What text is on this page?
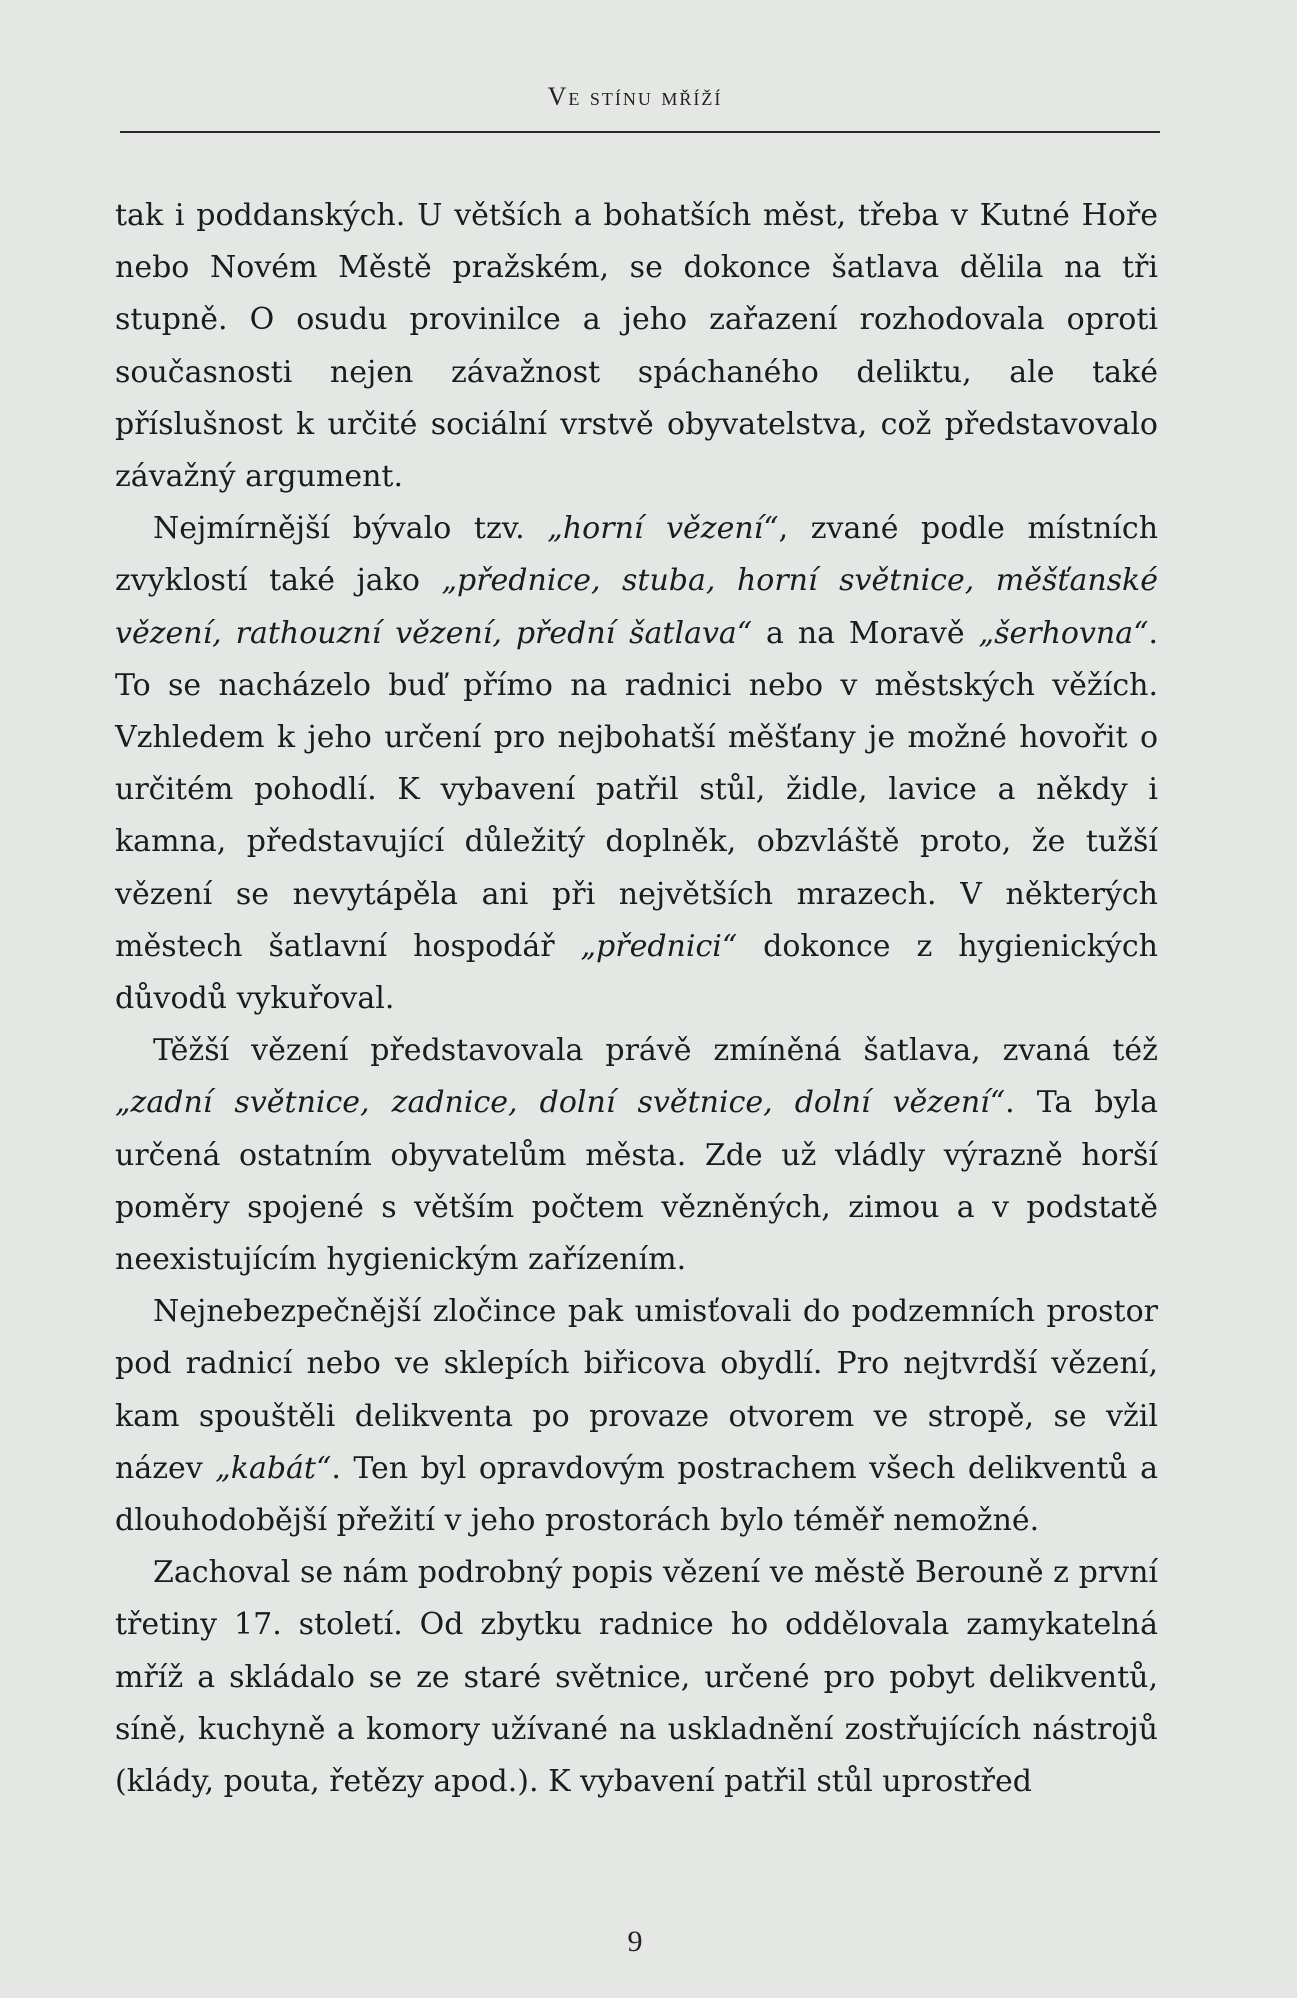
Ve stínu mříží

tak i poddanských. U větších a bohatších měst, třeba v Kutné Hoře nebo Novém Městě pražském, se dokonce šatlava dělila na tři stupně. O osudu provinilce a jeho zařazení rozhodovala oproti současnosti nejen závažnost spáchaného deliktu, ale také příslušnost k určité sociální vrstvě obyvatelstva, což představovalo závažný argument.

Nejmírnější bývalo tzv. „horní vězení“, zvané podle místních zvyklostí také jako „přednice, stuba, horní světnice, měšťanské vězení, rathouzní vězení, přední šatlava“ a na Moravě „šerhovna“. To se nacházelo buď přímo na radnici nebo v městských věžích. Vzhledem k jeho určení pro nejbohatší měšťany je možné hovořit o určitém pohodlí. K vybavení patřil stůl, židle, lavice a někdy i kamna, představující důležitý doplněk, obzvláště proto, že tužší vězení se nevytápěla ani při největších mrazech. V některých městech šatlavní hospodář „přednici“ dokonce z hygienických důvodů vykuřoval.

Těžší vězení představovala právě zmíněná šatlava, zvaná též „zadní světnice, zadnice, dolní světnice, dolní vězení“. Ta byla určená ostatním obyvatelům města. Zde už vládly výrazně horší poměry spojené s větším počtem vězněných, zimou a v podstatě neexistujícím hygienickým zařízením.

Nejnebezpečnější zločince pak umisťovali do podzemních prostor pod radnicí nebo ve sklepích biřicova obydlí. Pro nejtvrdší vězení, kam spouštěli delikventa po provaze otvorem ve stropě, se vžil název „kabát“. Ten byl opravdovým postrachem všech delikventů a dlouhodobější přežití v jeho prostorách bylo téměř nemožné.

Zachoval se nám podrobný popis vězení ve městě Berouně z první třetiny 17. století. Od zbytku radnice ho oddělovala zamykatelná mříž a skládalo se ze staré světnice, určené pro pobyt delikventů, síně, kuchyně a komory užívané na uskladnění zostřujících nástrojů (klády, pouta, řetězy apod.). K vybavení patřil stůl uprostřed

9
